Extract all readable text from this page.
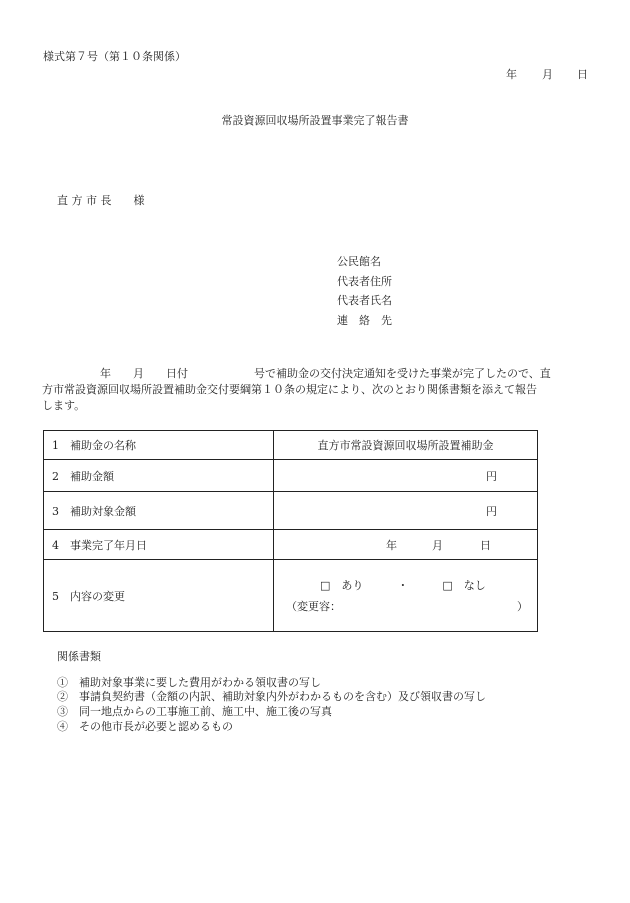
様式第７号（第１０条関係）
年 月 日
常設資源回収場所設置事業完了報告書
直 方 市 長 様
公民館名
代表者住所
代表者氏名
連　絡　先
年 月 日付	号で補助金の交付決定通知を受けた事業が完了したので、直
方市常設資源回収場所設置補助金交付要綱第１０条の規定により、次のとおり関係書類を添えて報告
します。
1　補助金の名称	直方市常設資源回収場所設置補助金
2　補助金額	円
3　補助対象金額	円
4　事業完了年月日	年 月 日
5　内容の変更	□　あり ・ □　なし
（変更容： ）
関係書類
①　補助対象事業に要した費用がわかる領収書の写し
②　事請負契約書（金額の内訳、補助対象内外がわかるものを含む）及び領収書の写し
③　同一地点からの工事施工前、施工中、施工後の写真
④　その他市長が必要と認めるもの
